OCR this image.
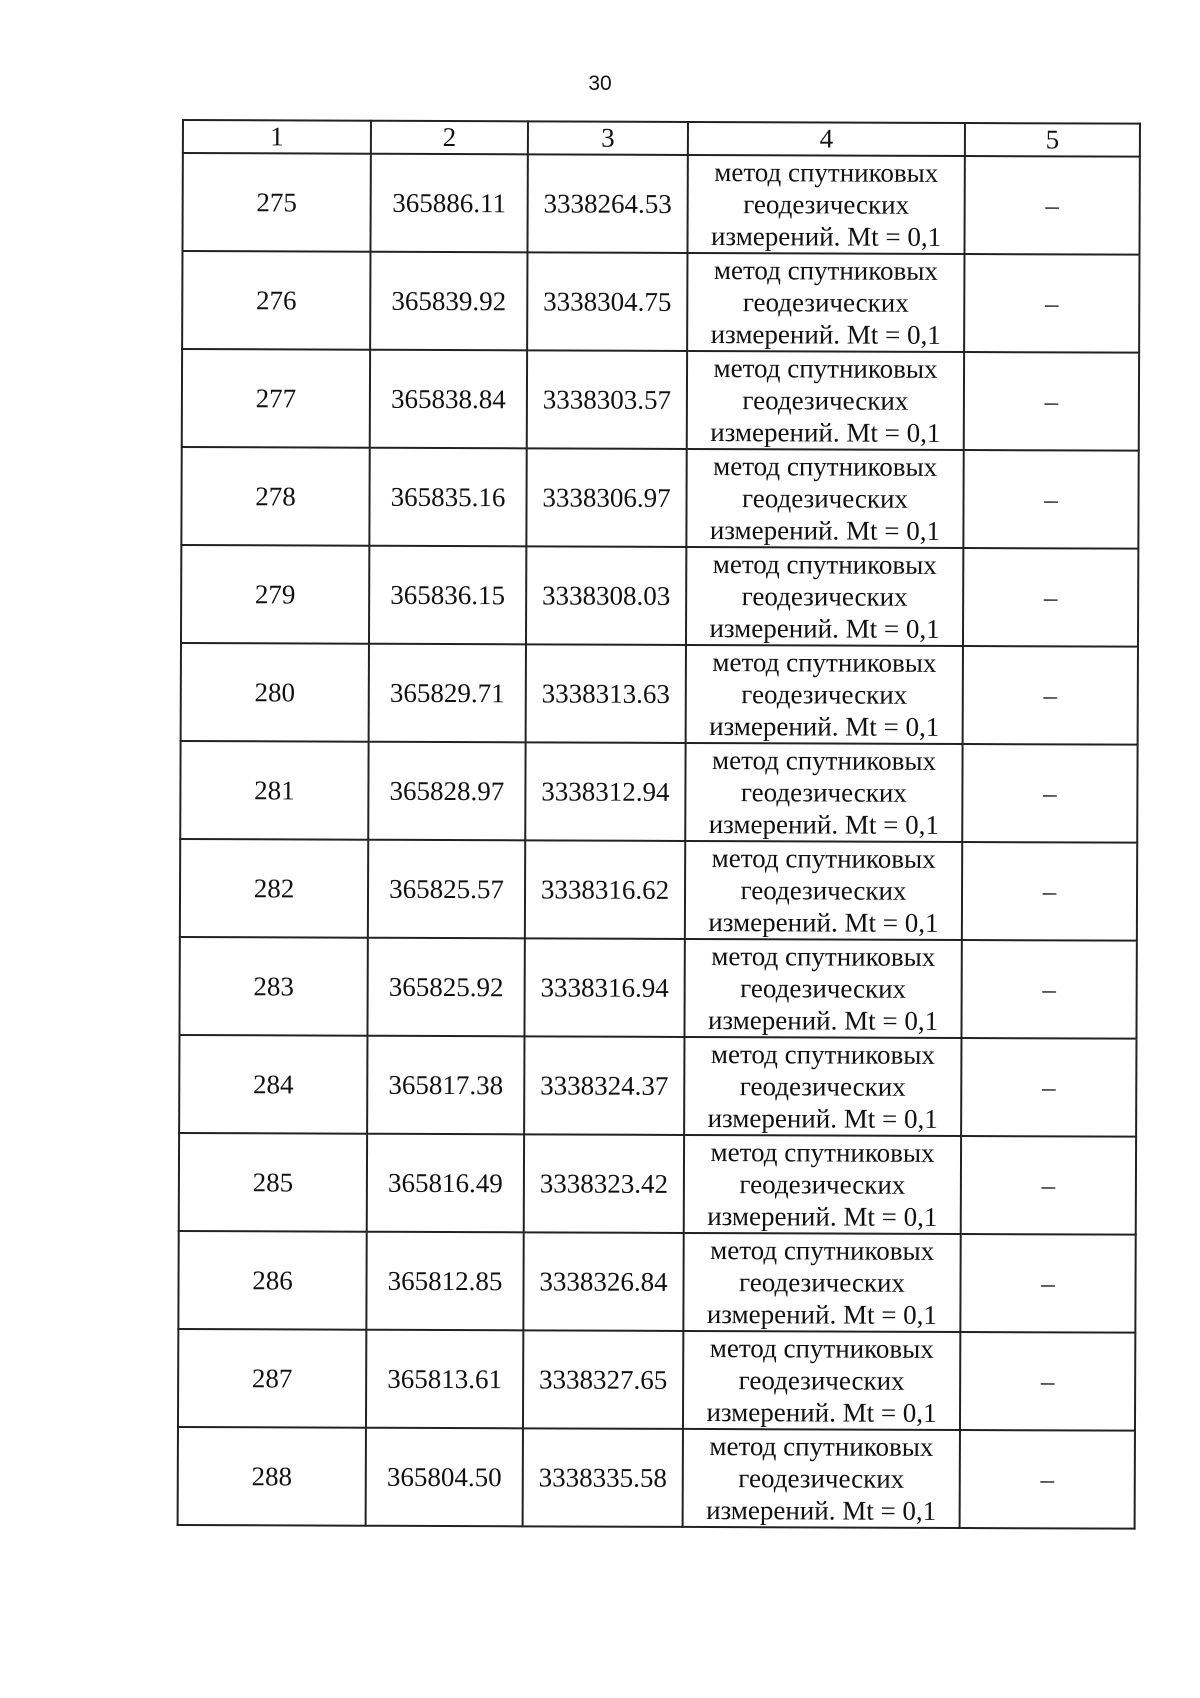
30
1	2	3	4	5
275	365886.11	3338264.53	метод спутниковых геодезических измерений. Mt = 0,1	–
276	365839.92	3338304.75	метод спутниковых геодезических измерений. Mt = 0,1	–
277	365838.84	3338303.57	метод спутниковых геодезических измерений. Mt = 0,1	–
278	365835.16	3338306.97	метод спутниковых геодезических измерений. Mt = 0,1	–
279	365836.15	3338308.03	метод спутниковых геодезических измерений. Mt = 0,1	–
280	365829.71	3338313.63	метод спутниковых геодезических измерений. Mt = 0,1	–
281	365828.97	3338312.94	метод спутниковых геодезических измерений. Mt = 0,1	–
282	365825.57	3338316.62	метод спутниковых геодезических измерений. Mt = 0,1	–
283	365825.92	3338316.94	метод спутниковых геодезических измерений. Mt = 0,1	–
284	365817.38	3338324.37	метод спутниковых геодезических измерений. Mt = 0,1	–
285	365816.49	3338323.42	метод спутниковых геодезических измерений. Mt = 0,1	–
286	365812.85	3338326.84	метод спутниковых геодезических измерений. Mt = 0,1	–
287	365813.61	3338327.65	метод спутниковых геодезических измерений. Mt = 0,1	–
288	365804.50	3338335.58	метод спутниковых геодезических измерений. Mt = 0,1	–
